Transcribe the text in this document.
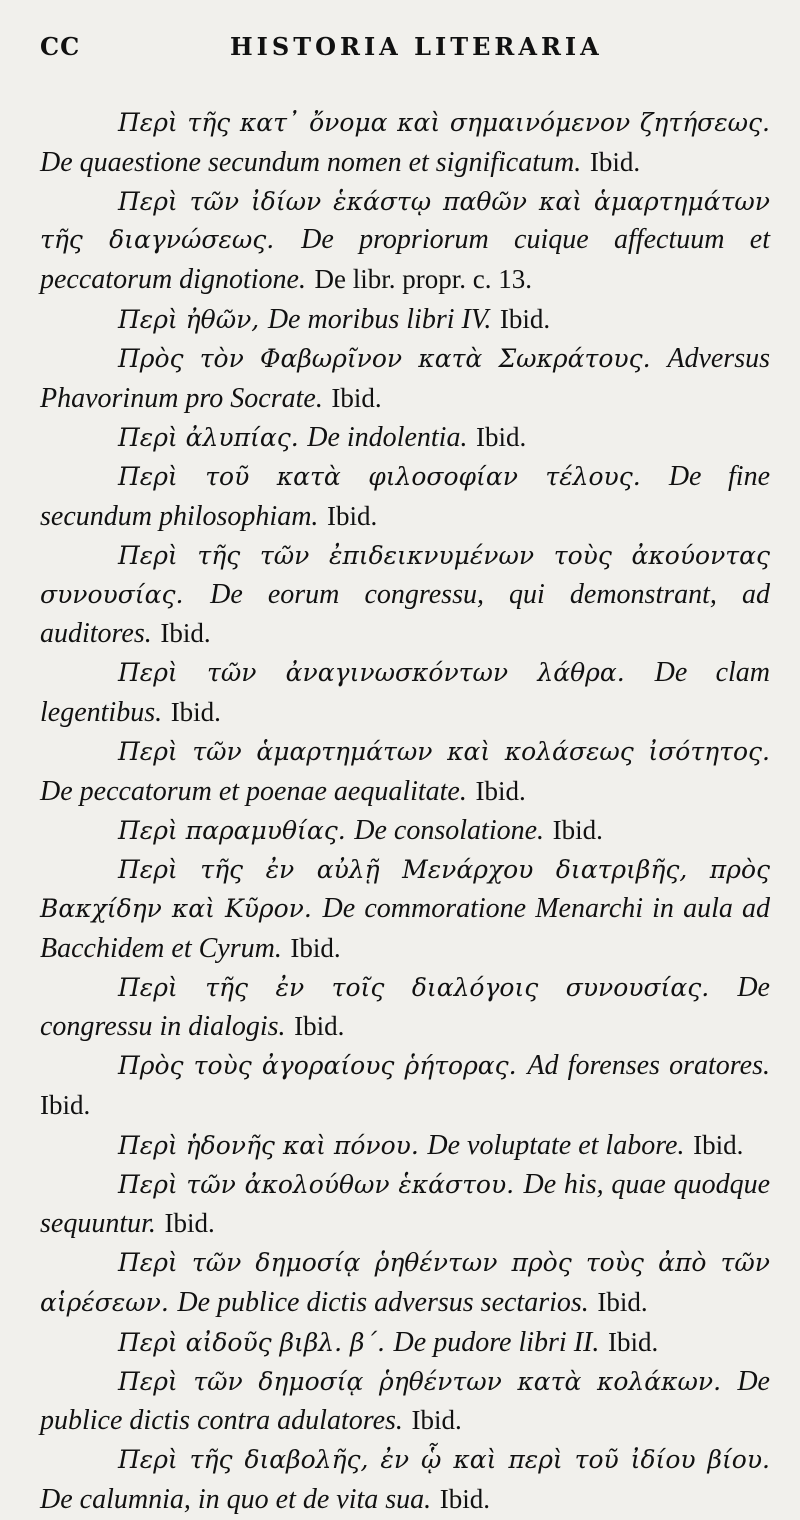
CC	HISTORIA LITERARIA

Περὶ τῆς κατ᾽ ὄνομα καὶ σημαινόμενον ζητήσεως. De quaestione secundum nomen et significatum. Ibid.

Περὶ τῶν ἰδίων ἑκάστῳ παθῶν καὶ ἁμαρτημάτων τῆς διαγνώσεως. De propriorum cuique affectuum et peccatorum dignotione. De libr. propr. c. 13.

Περὶ ἠθῶν, De moribus libri IV. Ibid.

Πρὸς τὸν Φαβωρῖνον κατὰ Σωκράτους. Adversus Phavorinum pro Socrate. Ibid.

Περὶ ἀλυπίας. De indolentia. Ibid.

Περὶ τοῦ κατὰ φιλοσοφίαν τέλους. De fine secundum philosophiam. Ibid.

Περὶ τῆς τῶν ἐπιδεικνυμένων τοὺς ἀκούοντας συνουσίας. De eorum congressu, qui demonstrant, ad auditores. Ibid.

Περὶ τῶν ἀναγινωσκόντων λάθρα. De clam legentibus. Ibid.

Περὶ τῶν ἁμαρτημάτων καὶ κολάσεως ἰσότητος. De peccatorum et poenae aequalitate. Ibid.

Περὶ παραμυθίας. De consolatione. Ibid.

Περὶ τῆς ἐν αὐλῇ Μενάρχου διατριβῆς, πρὸς Βακχίδην καὶ Κῦρον. De commoratione Menarchi in aula ad Bacchidem et Cyrum. Ibid.

Περὶ τῆς ἐν τοῖς διαλόγοις συνουσίας. De congressu in dialogis. Ibid.

Πρὸς τοὺς ἀγοραίους ῥήτορας. Ad forenses oratores. Ibid.

Περὶ ἡδονῆς καὶ πόνου. De voluptate et labore. Ibid.

Περὶ τῶν ἀκολούθων ἑκάστου. De his, quae quodque sequuntur. Ibid.

Περὶ τῶν δημοσίᾳ ῥηθέντων πρὸς τοὺς ἀπὸ τῶν αἱρέσεων. De publice dictis adversus sectarios. Ibid.

Περὶ αἰδοῦς βιβλ. β΄. De pudore libri II. Ibid.

Περὶ τῶν δημοσίᾳ ῥηθέντων κατὰ κολάκων. De publice dictis contra adulatores. Ibid.

Περὶ τῆς διαβολῆς, ἐν ᾧ καὶ περὶ τοῦ ἰδίου βίου. De calumnia, in quo et de vita sua. Ibid.
